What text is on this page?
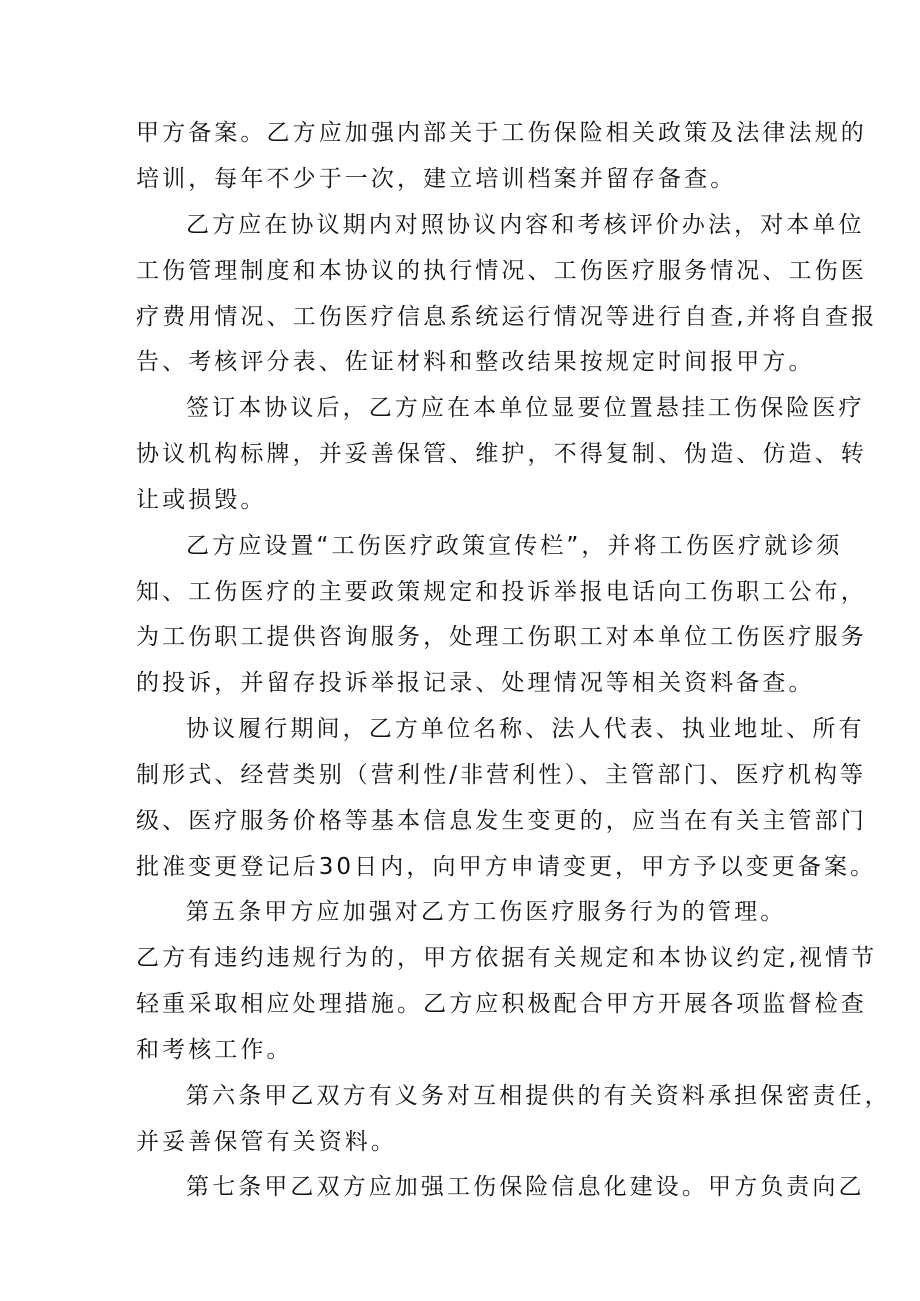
甲方备案。乙方应加强内部关于工伤保险相关政策及法律法规的
培训，每年不少于一次，建立培训档案并留存备查。
乙方应在协议期内对照协议内容和考核评价办法，对本单位
工伤管理制度和本协议的执行情况、工伤医疗服务情况、工伤医
疗费用情况、工伤医疗信息系统运行情况等进行自查,并将自查报
告、考核评分表、佐证材料和整改结果按规定时间报甲方。
签订本协议后，乙方应在本单位显要位置悬挂工伤保险医疗
协议机构标牌，并妥善保管、维护，不得复制、伪造、仿造、转
让或损毁。
乙方应设置“工伤医疗政策宣传栏”，并将工伤医疗就诊须
知、工伤医疗的主要政策规定和投诉举报电话向工伤职工公布，
为工伤职工提供咨询服务，处理工伤职工对本单位工伤医疗服务
的投诉，并留存投诉举报记录、处理情况等相关资料备查。
协议履行期间，乙方单位名称、法人代表、执业地址、所有
制形式、经营类别（营利性/非营利性）、主管部门、医疗机构等
级、医疗服务价格等基本信息发生变更的，应当在有关主管部门
批准变更登记后30日内，向甲方申请变更，甲方予以变更备案。
第五条甲方应加强对乙方工伤医疗服务行为的管理。
乙方有违约违规行为的，甲方依据有关规定和本协议约定,视情节
轻重采取相应处理措施。乙方应积极配合甲方开展各项监督检查
和考核工作。
第六条甲乙双方有义务对互相提供的有关资料承担保密责任，
并妥善保管有关资料。
第七条甲乙双方应加强工伤保险信息化建设。甲方负责向乙
